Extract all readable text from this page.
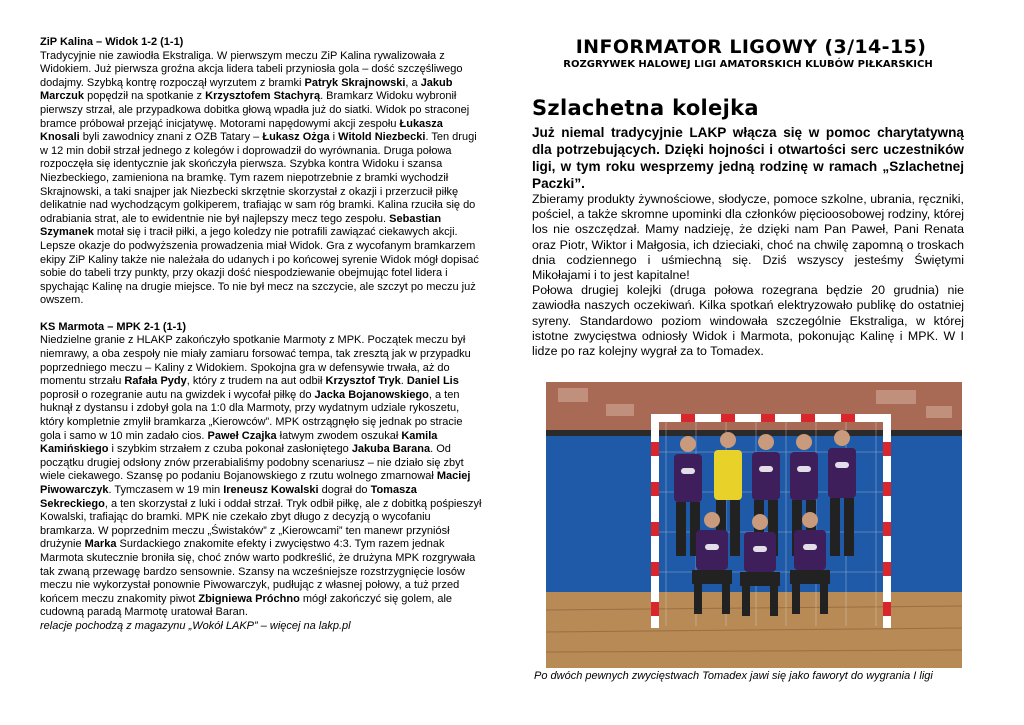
ZiP Kalina – Widok 1-2 (1-1)
Tradycyjnie nie zawiodła Ekstraliga. W pierwszym meczu ZiP Kalina rywalizowała z Widokiem. Już pierwsza groźna akcja lidera tabeli przyniosła gola – dość szczęśliwego dodajmy. Szybką kontrę rozpoczął wyrzutem z bramki Patryk Skrajnowski, a Jakub Marczuk popędził na spotkanie z Krzysztofem Stachyrą. Bramkarz Widoku wybronił pierwszy strzał, ale przypadkowa dobitka głową wpadła już do siatki. Widok po straconej bramce próbował przejąć inicjatywę. Motorami napędowymi akcji zespołu Łukasza Knosali byli zawodnicy znani z OZB Tatary – Łukasz Ożga i Witold Niezbecki. Ten drugi w 12 min dobił strzał jednego z kolegów i doprowadził do wyrównania. Druga połowa rozpoczęła się identycznie jak skończyła pierwsza. Szybka kontra Widoku i szansa Niezbeckiego, zamieniona na bramkę. Tym razem niepotrzebnie z bramki wychodził Skrajnowski, a taki snajper jak Niezbecki skrzętnie skorzystał z okazji i przerzucił piłkę delikatnie nad wychodzącym golkiperem, trafiając w sam róg bramki. Kalina rzuciła się do odrabiania strat, ale to ewidentnie nie był najlepszy mecz tego zespołu. Sebastian Szymanek motał się i tracił piłki, a jego koledzy nie potrafili zawiązać ciekawych akcji. Lepsze okazje do podwyższenia prowadzenia miał Widok. Gra z wycofanym bramkarzem ekipy ZiP Kaliny także nie należała do udanych i po końcowej syrenie Widok mógł dopisać sobie do tabeli trzy punkty, przy okazji dość niespodziewanie obejmując fotel lidera i spychając Kalinę na drugie miejsce. To nie był mecz na szczycie, ale szczyt po meczu już owszem.

KS Marmota – MPK 2-1 (1-1)
Niedzielne granie z HLAKP zakończyło spotkanie Marmoty z MPK. Początek meczu był niemrawy, a oba zespoły nie miały zamiaru forsować tempa, tak zresztą jak w przypadku poprzedniego meczu – Kaliny z Widokiem. Spokojna gra w defensywie trwała, aż do momentu strzału Rafała Pydy, który z trudem na aut odbił Krzysztof Tryk. Daniel Lis poprosił o rozegranie autu na gwizdek i wycofał piłkę do Jacka Bojanowskiego, a ten huknął z dystansu i zdobył gola na 1:0 dla Marmoty, przy wydatnym udziale rykoszetu, który kompletnie zmylił bramkarza „Kierowców”. MPK ostrzągnęło się jednak po stracie gola i samo w 10 min zadało cios. Paweł Czajka łatwym zwodem oszukał Kamila Kamińskiego i szybkim strzałem z czuba pokonał zasłoniętego Jakuba Barana. Od początku drugiej odsłony znów przerabialiśmy podobny scenariusz – nie działo się zbyt wiele ciekawego. Szansę po podaniu Bojanowskiego z rzutu wolnego zmarnował Maciej Piwowarczyk. Tymczasem w 19 min Ireneusz Kowalski dograł do Tomasza Sekreckiego, a ten skorzystał z luki i oddał strzał. Tryk odbił piłkę, ale z dobitką pośpieszył Kowalski, trafiając do bramki. MPK nie czekało zbyt długo z decyzją o wycofaniu bramkarza. W poprzednim meczu „Świstaków” z „Kierowcami” ten manewr przyniósł drużynie Marka Surdackiego znakomite efekty i zwycięstwo 4:3. Tym razem jednak Marmota skutecznie broniła się, choć znów warto podkreślić, że drużyna MPK rozgrywała tak zwaną przewagę bardzo sensownie. Szansy na wcześniejsze rozstrzygnięcie losów meczu nie wykorzystał ponownie Piwowarczyk, pudłując z własnej połowy, a tuż przed końcem meczu znakomity piwot Zbigniewa Próchno mógł zakończyć się golem, ale cudowną paradą Marmotę uratował Baran.

relacje pochodzą z magazynu „Wokół LAKP” – więcej na lakp.pl

INFORMATOR LIGOWY (3/14-15)
ROZGRYWEK HALOWEJ LIGI AMATORSKICH KLUBÓW PIŁKARSKICH
Szlachetna kolejka
Już niemal tradycyjnie LAKP włącza się w pomoc charytatywną dla potrzebujących. Dzięki hojności i otwartości serc uczestników ligi, w tym roku wesprzemy jedną rodzinę w ramach „Szlachetnej Paczki”.

Zbieramy produkty żywnościowe, słodycze, pomoce szkolne, ubrania, ręczniki, pościel, a także skromne upominki dla członków pięcioosobowej rodziny, której los nie oszczędzał. Mamy nadzieję, że dzięki nam Pan Paweł, Pani Renata oraz Piotr, Wiktor i Małgosia, ich dzieciaki, choć na chwilę zapomną o troskach dnia codziennego i uśmiechną się. Dziś wszyscy jesteśmy Świętymi Mikołajami i to jest kapitalne!

Połowa drugiej kolejki (druga połowa rozegrana będzie 20 grudnia) nie zawiodła naszych oczekiwań. Kilka spotkań elektryzowało publikę do ostatniej syreny. Standardowo poziom windowała szczególnie Ekstraliga, w której istotne zwycięstwa odniosły Widok i Marmota, pokonując Kalinę i MPK. W I lidze po raz kolejny wygrał za to Tomadex.

Po dwóch pewnych zwycięstwach Tomadex jawi się jako faworyt do wygrania I ligi
